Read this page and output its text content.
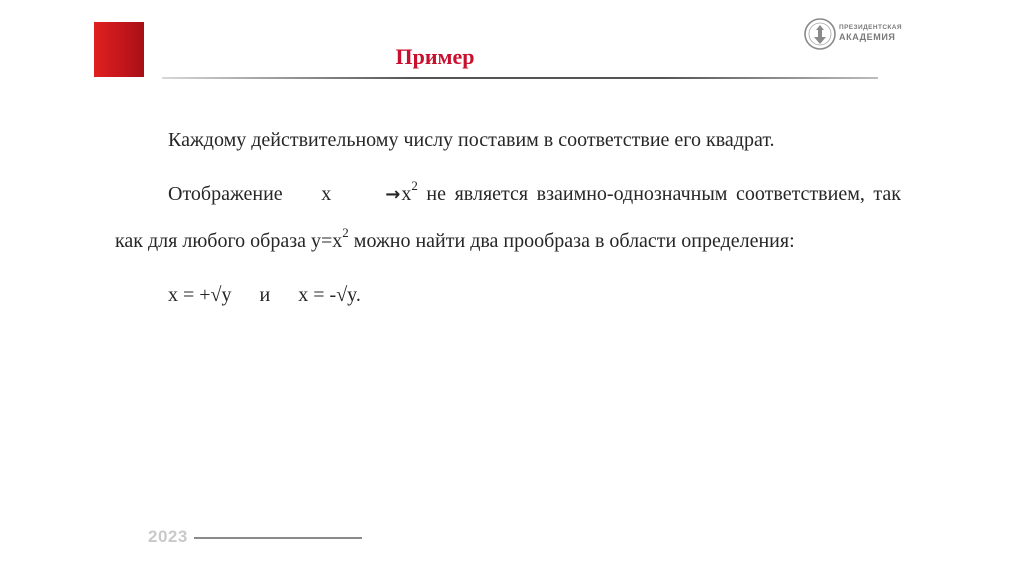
Пример
ПРЕЗИДЕНТСКАЯ
АКАДЕМИЯ

Каждому действительному числу поставим в соответствие его квадрат.

Отображение x	$\to x^2$ не является взаимно-однозначным соответствием, так как для любого образа $y=x^2$ можно найти два прообраза в области определения:

x = +√y и x = -√y.

2023
